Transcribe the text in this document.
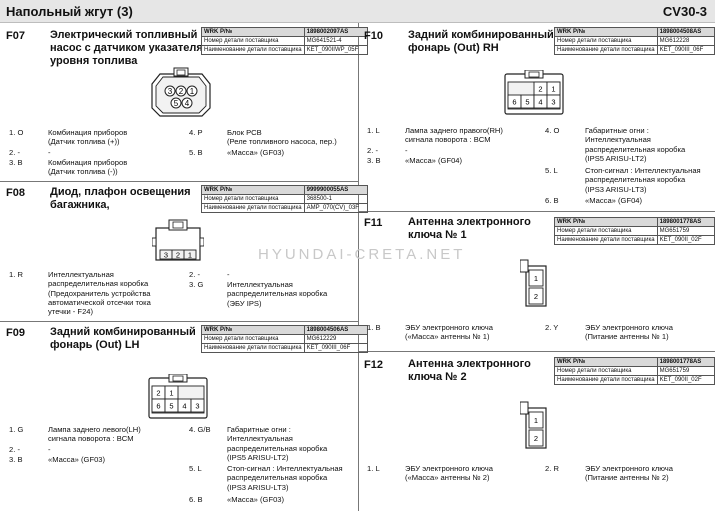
Напольный жгут (3)	CV30-3
F07 Электрический топливный
насос с датчиком указателя
уровня топлива
WRK P/№	1898002097AS
Номер детали поставщика	MG641521-4
Наименование детали поставщика	KET_090IIWP_05F
3 2 1
5 4
1. O	Комбинация приборов
(Датчик топлива (+))
2. -	-
3. B	Комбинация приборов
(Датчик топлива (-))
4. P	Блок PCB
(Реле топливного насоса, пер.)
5. B	«Масса» (GF03)
F08 Диод, плафон освещения
багажника,
WRK P/№	9999900055AS
Номер детали поставщика	368500-1
Наименование детали поставщика	AMP_070(CV)_03F
3 2 1
1. R	Интеллектуальная
распределительная коробка
(Предохранитель устройства
автоматической отсечки тока
утечки - F24)
2. -	-
3. G	Интеллектуальная
распределительная коробка
(ЭБУ IPS)
F09 Задний комбинированный
фонарь (Out) LH
WRK P/№	1898004506AS
Номер детали поставщика	MG612229
Наименование детали поставщика	KET_090III_06F
2 1
6 5 4 3
1. G	Лампа заднего левого(LH)
сигнала поворота : BCM
2. -	-
3. B	«Масса» (GF03)
4. G/B Габаритные огни :
Интеллектуальная
распределительная коробка
(IPS5 ARISU-LT2)
5. L	Стоп-сигнал : Интеллектуальная
распределительная коробка
(IPS3 ARISU-LT3)
6. B	«Масса» (GF03)
F10 Задний комбинированный
фонарь (Out) RH
WRK P/№	1898004508AS
Номер детали поставщика	MG612228
Наименование детали поставщика	KET_090III_06F
2 1
6 5 4 3
1. L	Лампа заднего правого(RH)
сигнала поворота : BCM
2. -	-
3. B	«Масса» (GF04)
4. O	Габаритные огни :
Интеллектуальная
распределительная коробка
(IPS5 ARISU-LT2)
5. L	Стоп-сигнал : Интеллектуальная
распределительная коробка
(IPS3 ARISU-LT3)
6. B	«Масса» (GF04)
F11 Антенна электронного
ключа № 1
WRK P/№	1898001778AS
Номер детали поставщика	MG651759
Наименование детали поставщика	KET_090II_02F
1
2
1. B	ЭБУ электронного ключа
(«Масса» антенны № 1)
2. Y	ЭБУ электронного ключа
(Питание антенны № 1)
F12 Антенна электронного
ключа № 2
WRK P/№	1898001778AS
Номер детали поставщика	MG651759
Наименование детали поставщика	KET_090II_02F
1
2
1. L	ЭБУ электронного ключа
(«Масса» антенны № 2)
2. R	ЭБУ электронного ключа
(Питание антенны № 2)
HYUNDAI-CRETA.NET
